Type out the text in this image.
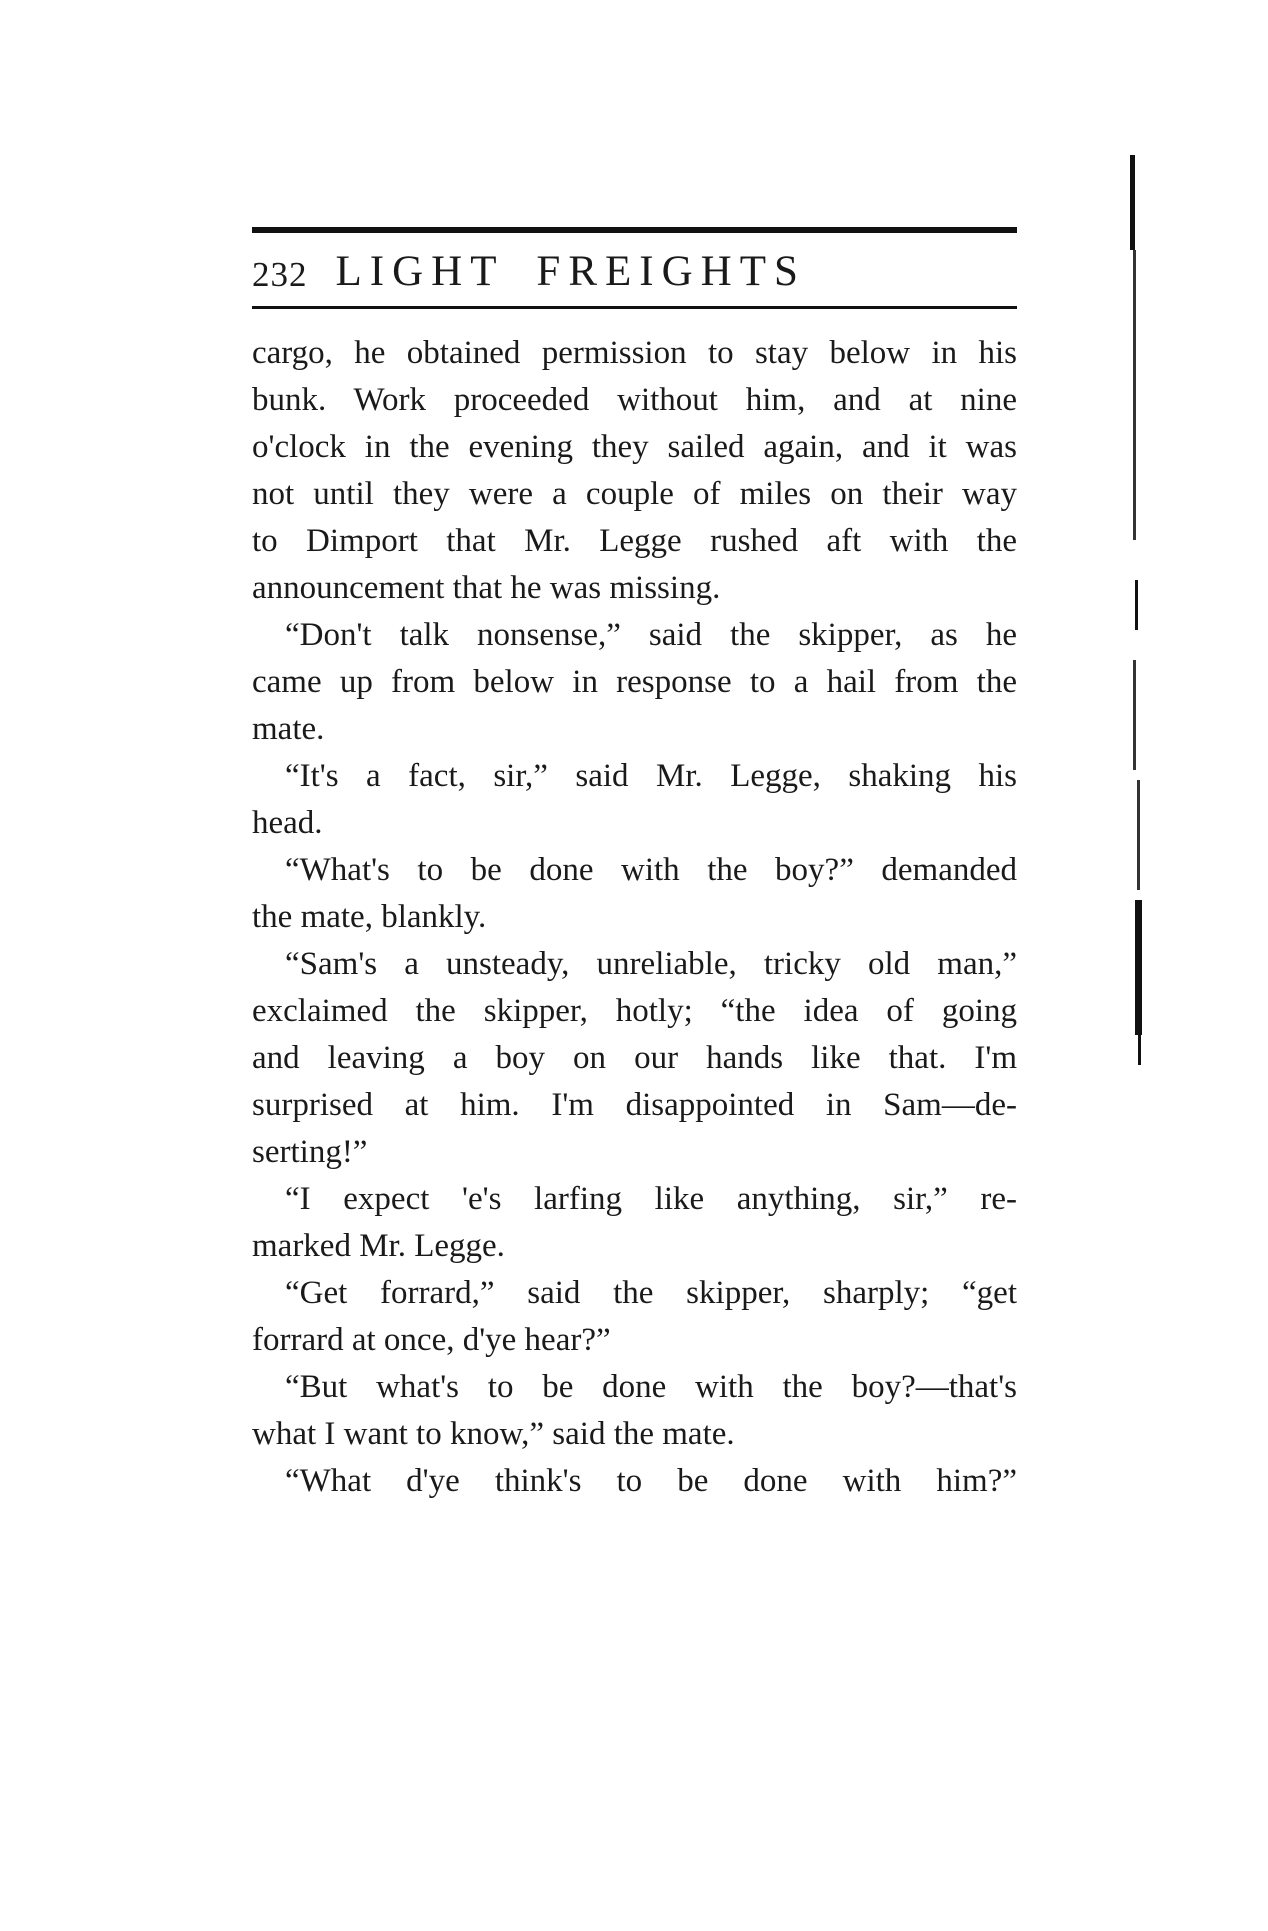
232 LIGHT FREIGHTS

cargo, he obtained permission to stay below in his

bunk. Work proceeded without him, and at nine

o'clock in the evening they sailed again, and it was

not until they were a couple of miles on their way

to Dimport that Mr. Legge rushed aft with the

announcement that he was missing.

“Don't talk nonsense,” said the skipper, as he

came up from below in response to a hail from the

mate.

“It's a fact, sir,” said Mr. Legge, shaking his

head.

“What's to be done with the boy?” demanded

the mate, blankly.

“Sam's a unsteady, unreliable, tricky old man,”

exclaimed the skipper, hotly; “the idea of going

and leaving a boy on our hands like that. I'm

surprised at him. I'm disappointed in Sam—de-

serting!”

“I expect 'e's larfing like anything, sir,” re-

marked Mr. Legge.

“Get forrard,” said the skipper, sharply; “get

forrard at once, d'ye hear?”

“But what's to be done with the boy?—that's

what I want to know,” said the mate.

“What d'ye think's to be done with him?”
